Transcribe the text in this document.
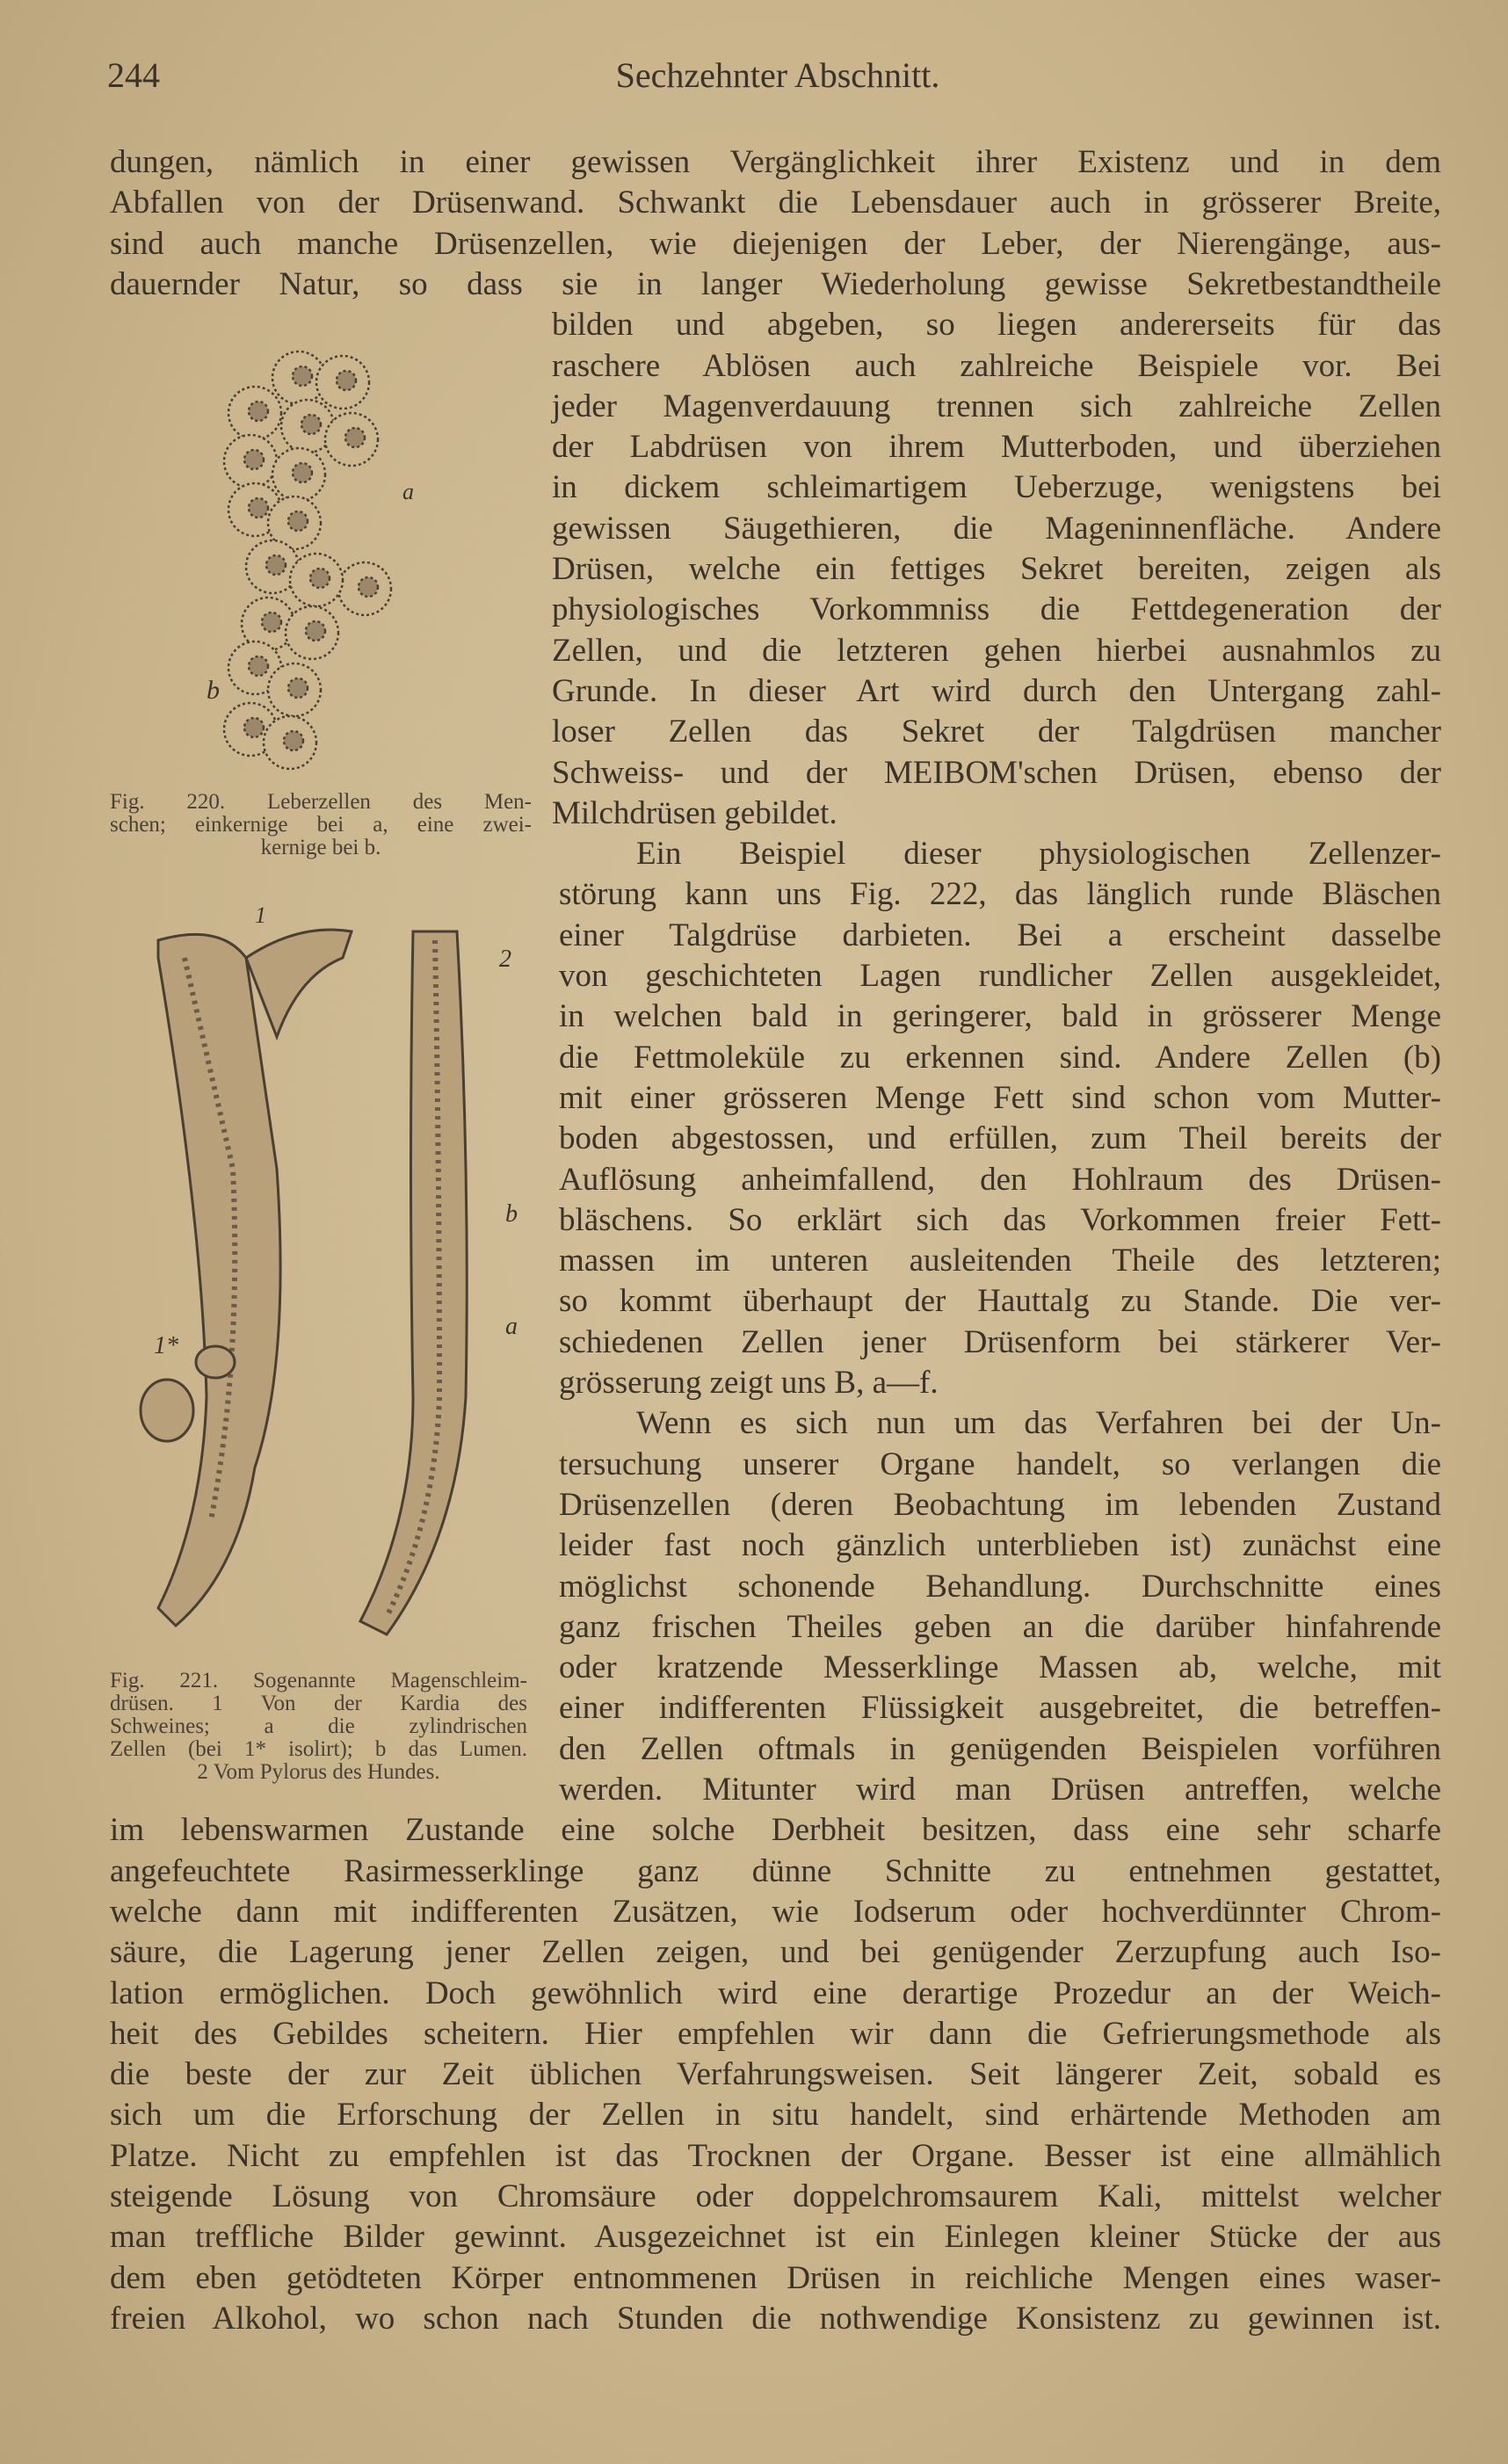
244	Sechzehnter Abschnitt.
dungen, nämlich in einer gewissen Vergänglichkeit ihrer Existenz und in dem
Abfallen von der Drüsenwand. Schwankt die Lebensdauer auch in grösserer Breite,
sind auch manche Drüsenzellen, wie diejenigen der Leber, der Nierengänge, aus-
dauernder Natur, so dass sie in langer Wiederholung gewisse Sekretbestandtheile
bilden und abgeben, so liegen andererseits für das
raschere Ablösen auch zahlreiche Beispiele vor. Bei
jeder Magenverdauung trennen sich zahlreiche Zellen
der Labdrüsen von ihrem Mutterboden, und überziehen
in dickem schleimartigem Ueberzuge, wenigstens bei
gewissen Säugethieren, die Mageninnenfläche. Andere
Drüsen, welche ein fettiges Sekret bereiten, zeigen als
physiologisches Vorkommniss die Fettdegeneration der
Zellen, und die letzteren gehen hierbei ausnahmlos zu
Grunde. In dieser Art wird durch den Untergang zahl-
loser Zellen das Sekret der Talgdrüsen mancher
Schweiss- und der MEIBOM'schen Drüsen, ebenso der
Milchdrüsen gebildet.
Ein Beispiel dieser physiologischen Zellenzer-
störung kann uns Fig. 222, das länglich runde Bläschen
einer Talgdrüse darbieten. Bei a erscheint dasselbe
von geschichteten Lagen rundlicher Zellen ausgekleidet,
in welchen bald in geringerer, bald in grösserer Menge
die Fettmoleküle zu erkennen sind. Andere Zellen (b)
mit einer grösseren Menge Fett sind schon vom Mutter-
boden abgestossen, und erfüllen, zum Theil bereits der
Auflösung anheimfallend, den Hohlraum des Drüsen-
bläschens. So erklärt sich das Vorkommen freier Fett-
massen im unteren ausleitenden Theile des letzteren;
so kommt überhaupt der Hauttalg zu Stande. Die ver-
schiedenen Zellen jener Drüsenform bei stärkerer Ver-
grösserung zeigt uns B, a—f.
Wenn es sich nun um das Verfahren bei der Un-
tersuchung unserer Organe handelt, so verlangen die
Drüsenzellen (deren Beobachtung im lebenden Zustand
leider fast noch gänzlich unterblieben ist) zunächst eine
möglichst schonende Behandlung. Durchschnitte eines
ganz frischen Theiles geben an die darüber hinfahrende
oder kratzende Messerklinge Massen ab, welche, mit
einer indifferenten Flüssigkeit ausgebreitet, die betreffen-
den Zellen oftmals in genügenden Beispielen vorführen
werden. Mitunter wird man Drüsen antreffen, welche
im lebenswarmen Zustande eine solche Derbheit besitzen, dass eine sehr scharfe
angefeuchtete Rasirmesserklinge ganz dünne Schnitte zu entnehmen gestattet,
welche dann mit indifferenten Zusätzen, wie Iodserum oder hochverdünnter Chrom-
säure, die Lagerung jener Zellen zeigen, und bei genügender Zerzupfung auch Iso-
lation ermöglichen. Doch gewöhnlich wird eine derartige Prozedur an der Weich-
heit des Gebildes scheitern. Hier empfehlen wir dann die Gefrierungsmethode als
die beste der zur Zeit üblichen Verfahrungsweisen. Seit längerer Zeit, sobald es
sich um die Erforschung der Zellen in situ handelt, sind erhärtende Methoden am
Platze. Nicht zu empfehlen ist das Trocknen der Organe. Besser ist eine allmählich
steigende Lösung von Chromsäure oder doppelchromsaurem Kali, mittelst welcher
man treffliche Bilder gewinnt. Ausgezeichnet ist ein Einlegen kleiner Stücke der aus
dem eben getödteten Körper entnommenen Drüsen in reichliche Mengen eines waser-
freien Alkohol, wo schon nach Stunden die nothwendige Konsistenz zu gewinnen ist.
a
b
Fig. 220. Leberzellen des Men-
schen; einkernige bei a, eine zwei-
kernige bei b.
1
2
b
a
1*
Fig. 221. Sogenannte Magenschleim-
drüsen. 1 Von der Kardia des
Schweines; a die zylindrischen
Zellen (bei 1* isolirt); b das Lumen.
2 Vom Pylorus des Hundes.
